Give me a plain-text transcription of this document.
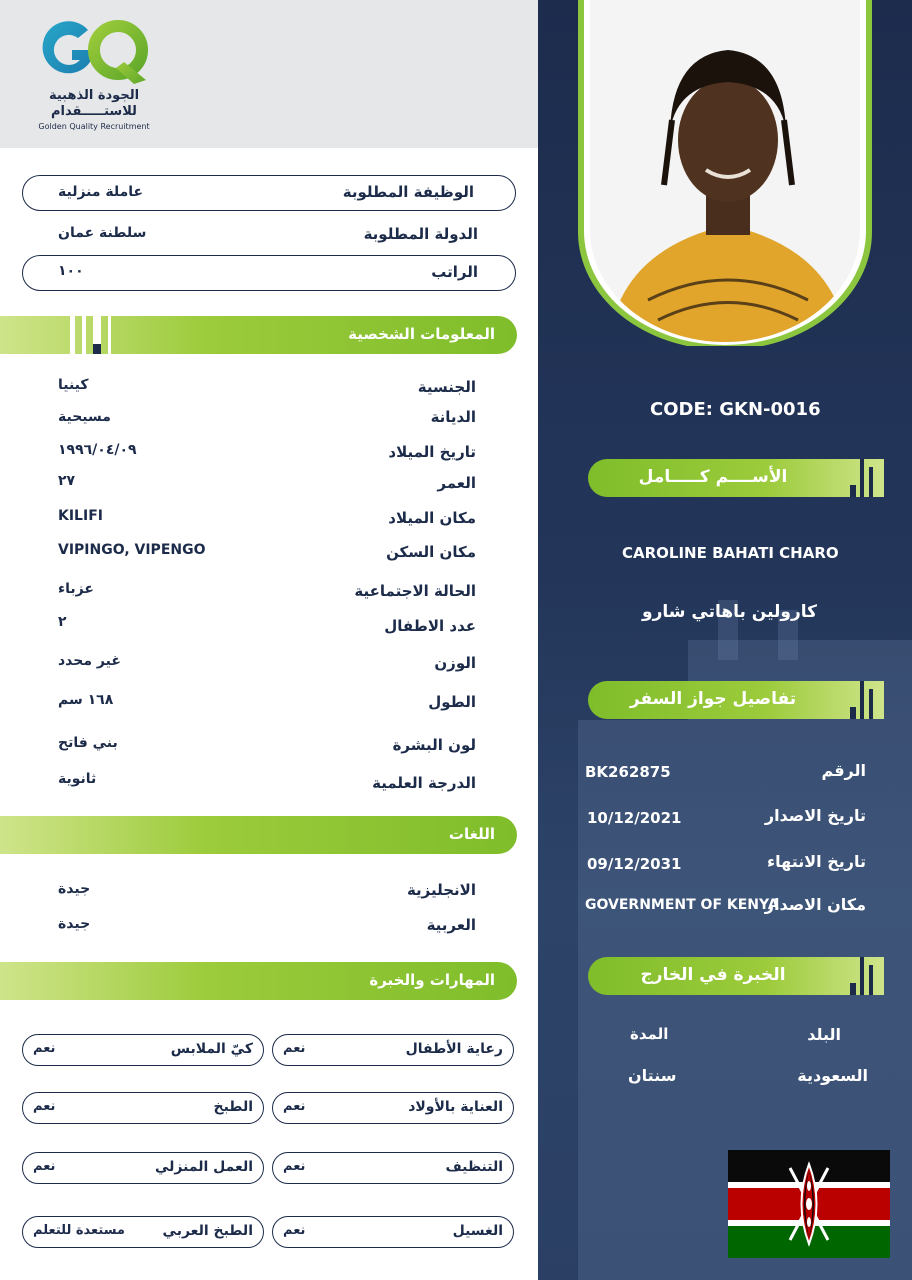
الجودة الذهبية
للاستـــــقدام
Golden Quality Recruitment
الوظيفة المطلوبة
عاملة منزلية
الدولة المطلوبة
سلطنة عمان
الراتب
١٠٠
المعلومات الشخصية
الجنسية
كينيا
الديانة
مسيحية
تاريخ الميلاد
١٩٩٦/٠٤/٠٩
العمر
٢٧
مكان الميلاد
KILIFI
مكان السكن
VIPINGO, VIPENGO
الحالة الاجتماعية
عزباء
عدد الاطفال
٢
الوزن
غير محدد
الطول
١٦٨ سم
لون البشرة
بني فاتح
الدرجة العلمية
ثانوية
اللغات
الانجليزية
جيدة
العربية
جيدة
المهارات والخبرة
رعاية الأطفال
نعم
كيّ الملابس
نعم
العناية بالأولاد
نعم
الطبخ
نعم
التنظيف
نعم
العمل المنزلي
نعم
الغسيل
نعم
الطبخ العربي
مستعدة للتعلم
CODE: GKN-0016
الأســــم كـــــامل
CAROLINE BAHATI CHARO
كارولين باهاتي شارو
تفاصيل جواز السفر
الرقم
BK262875
تاريخ الاصدار
10/12/2021
تاريخ الانتهاء
09/12/2031
مكان الاصدار
GOVERNMENT OF KENYA
الخبرة في الخارج
البلد
المدة
السعودية
سنتان
